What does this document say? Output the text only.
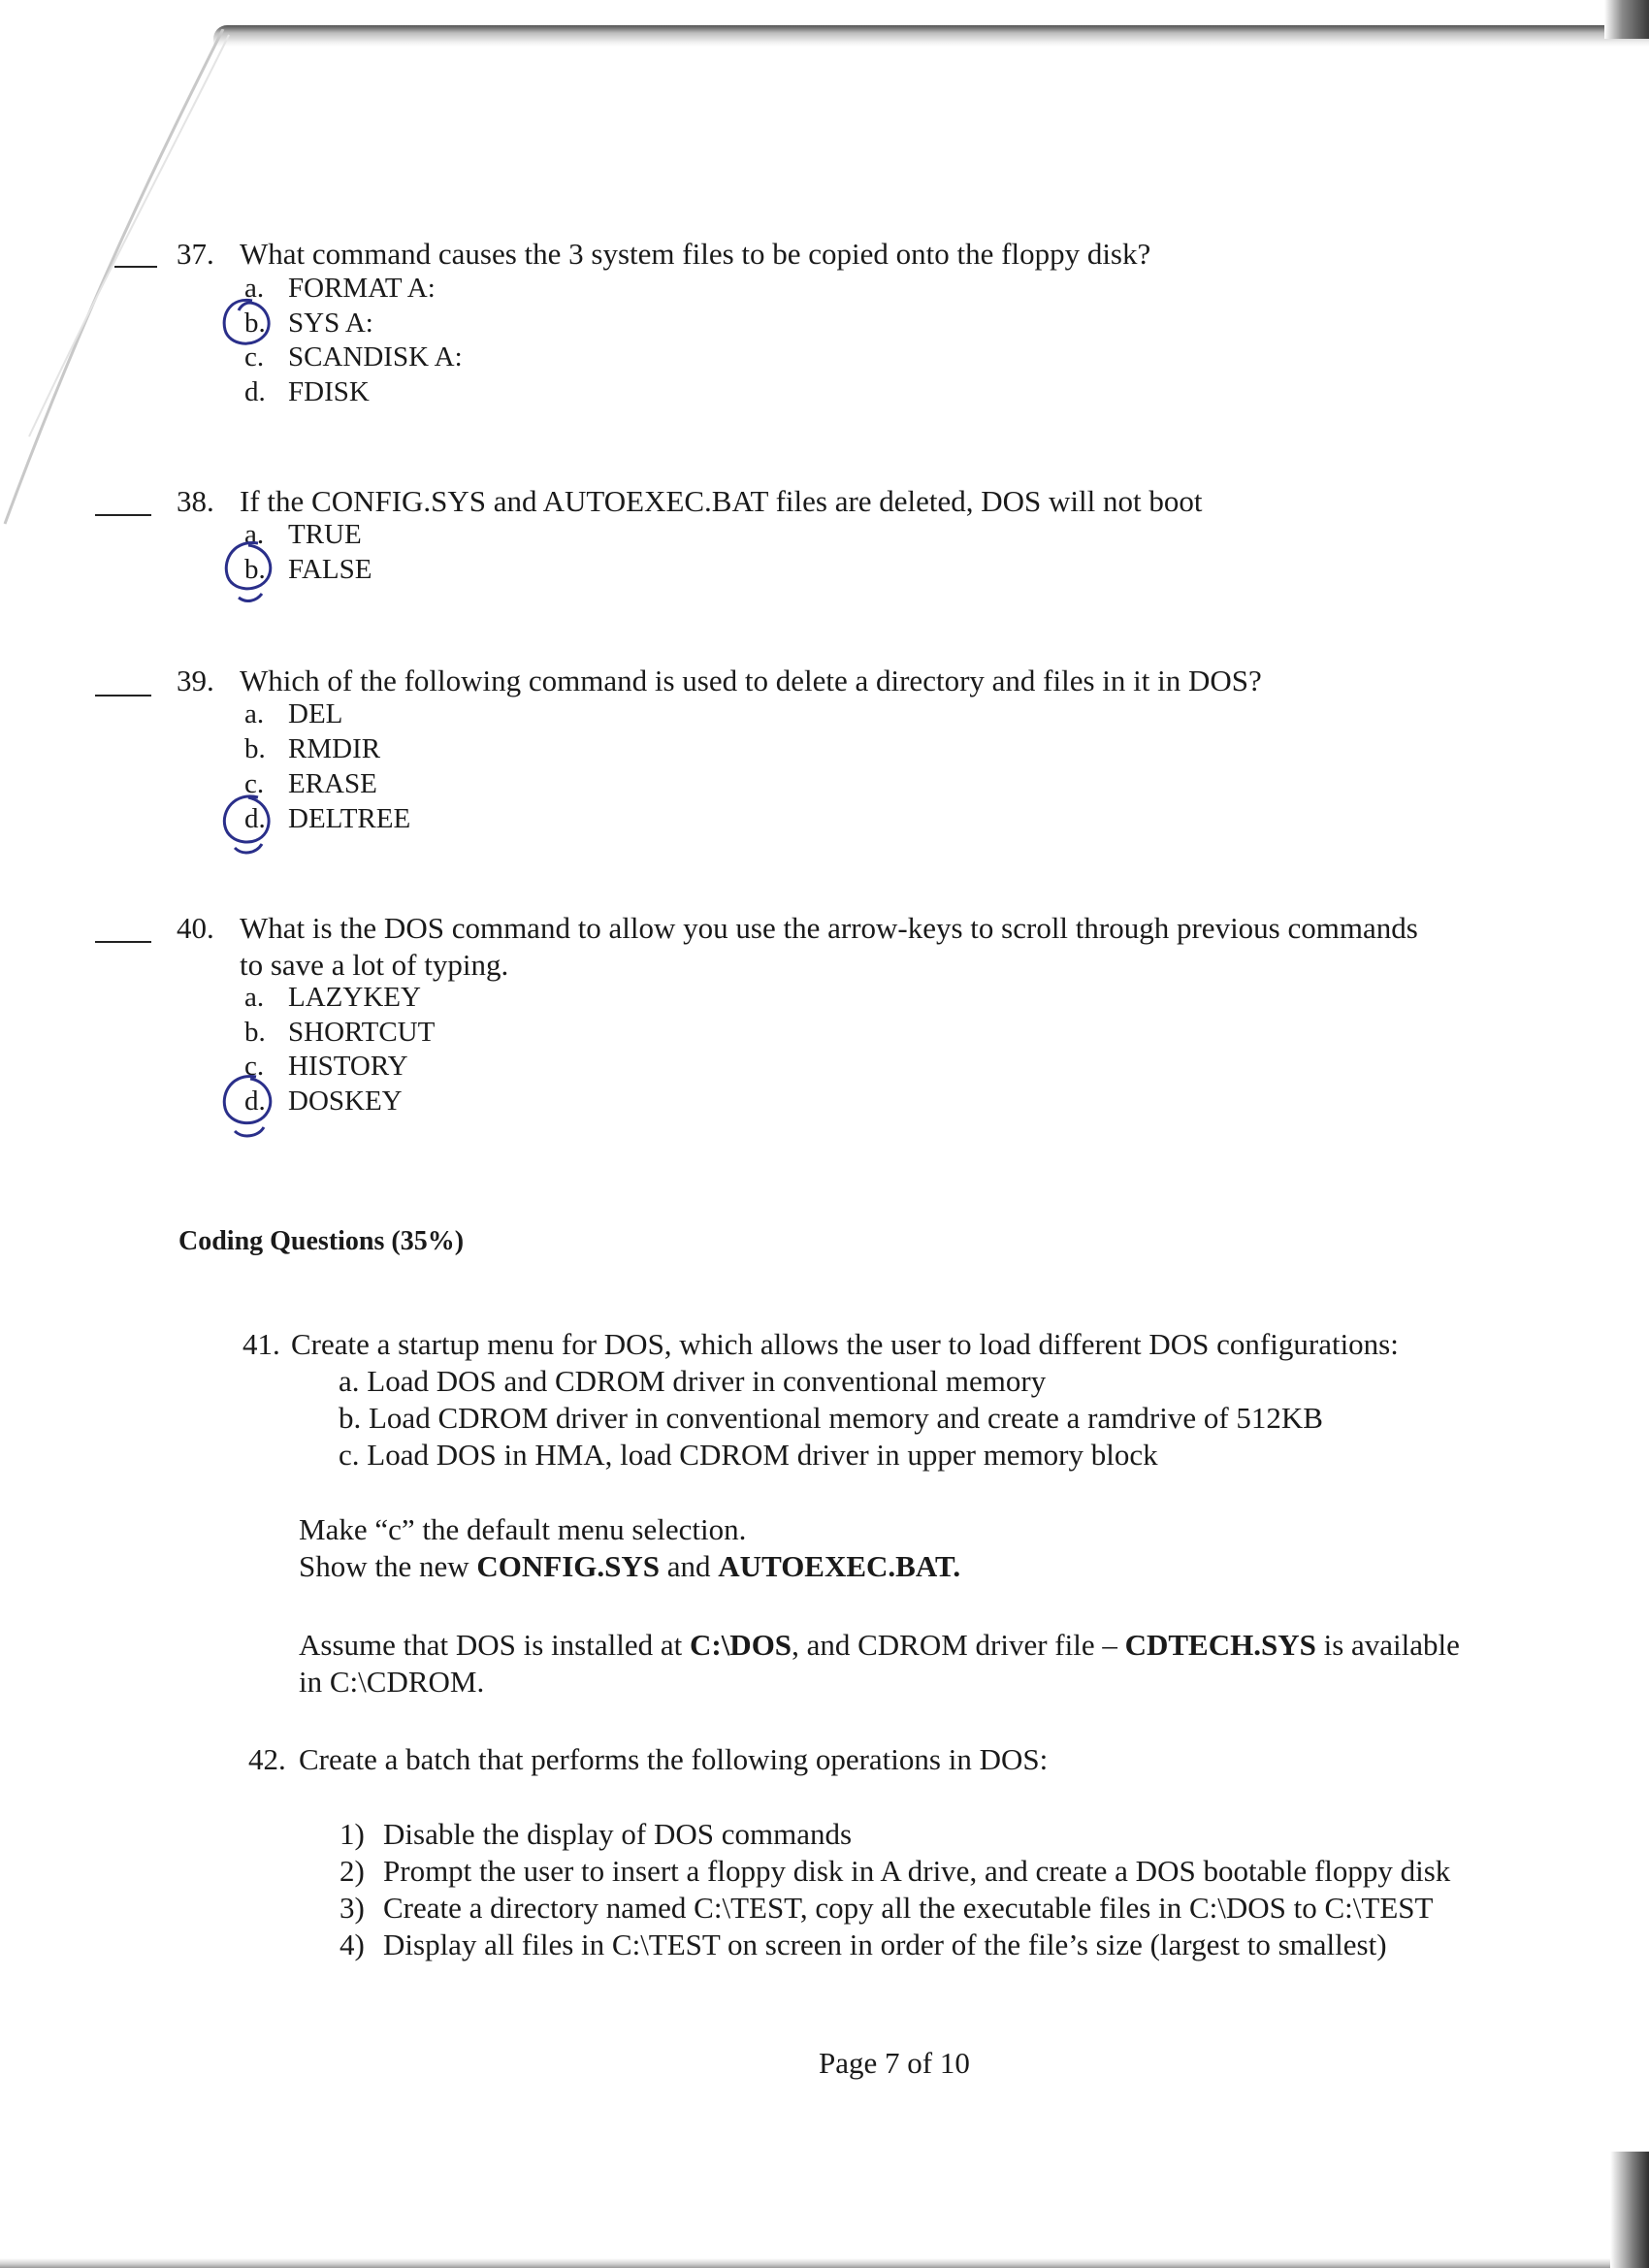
37. What command causes the 3 system files to be copied onto the floppy disk?
a. FORMAT A:
b. SYS A:
c. SCANDISK A:
d. FDISK
38. If the CONFIG.SYS and AUTOEXEC.BAT files are deleted, DOS will not boot
a. TRUE
b. FALSE
39. Which of the following command is used to delete a directory and files in it in DOS?
a. DEL
b. RMDIR
c. ERASE
d. DELTREE
40. What is the DOS command to allow you use the arrow-keys to scroll through previous commands
to save a lot of typing.
a. LAZYKEY
b. SHORTCUT
c. HISTORY
d. DOSKEY
Coding Questions (35%)
41. Create a startup menu for DOS, which allows the user to load different DOS configurations:
a. Load DOS and CDROM driver in conventional memory
b. Load CDROM driver in conventional memory and create a ramdrive of 512KB
c. Load DOS in HMA, load CDROM driver in upper memory block
Make “c” the default menu selection.
Show the new CONFIG.SYS and AUTOEXEC.BAT.
Assume that DOS is installed at C:\DOS, and CDROM driver file – CDTECH.SYS is available
in C:\CDROM.
42. Create a batch that performs the following operations in DOS:
1) Disable the display of DOS commands
2) Prompt the user to insert a floppy disk in A drive, and create a DOS bootable floppy disk
3) Create a directory named C:\TEST, copy all the executable files in C:\DOS to C:\TEST
4) Display all files in C:\TEST on screen in order of the file’s size (largest to smallest)
Page 7 of 10
